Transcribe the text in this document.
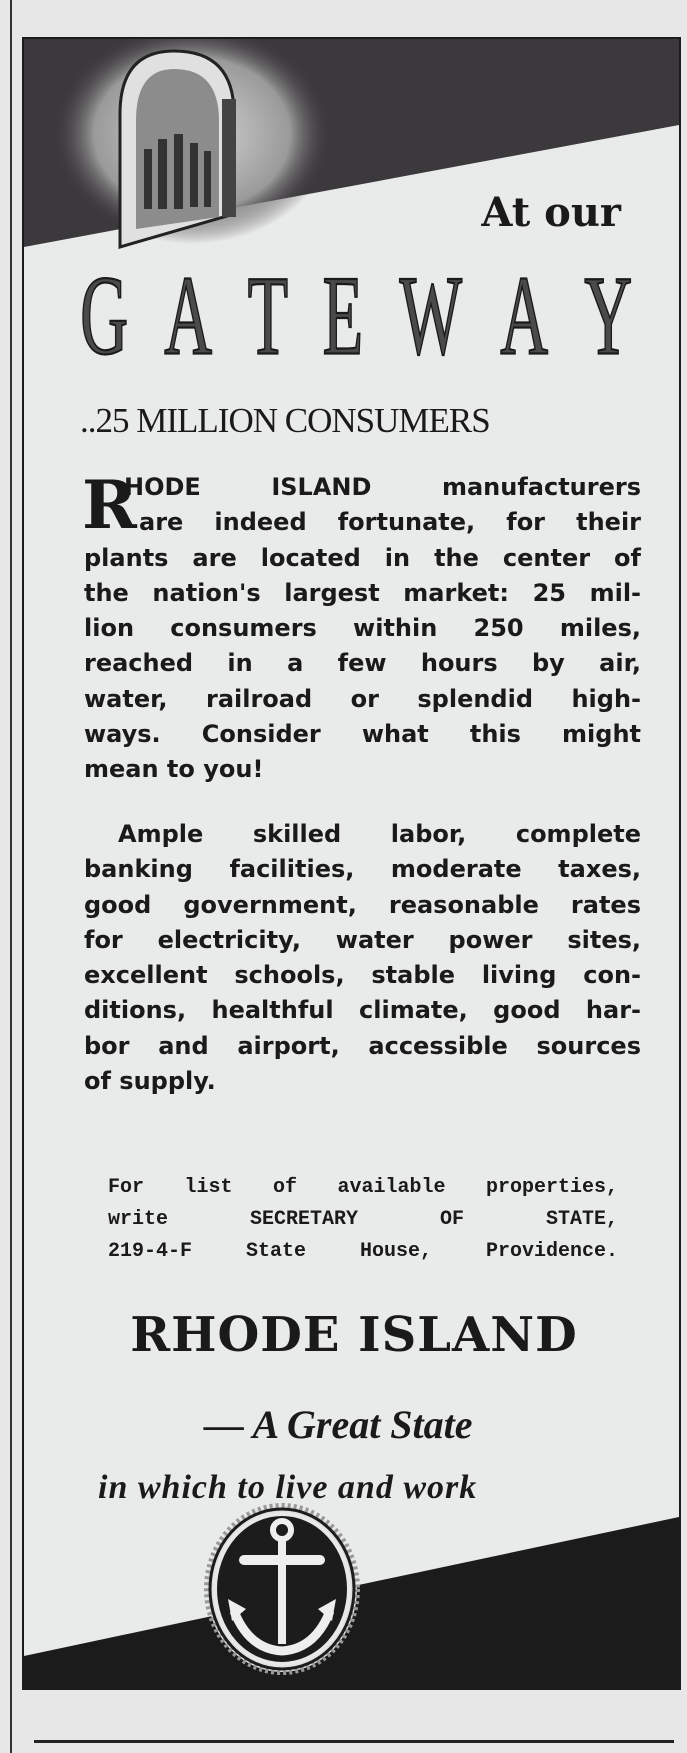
At our
G A T E W A Y
..25 MILLION CONSUMERS
R
HODE ISLAND manufacturers
are indeed fortunate, for their
plants are located in the center of
the nation's largest market: 25 mil-
lion consumers within 250 miles,
reached in a few hours by air,
water, railroad or splendid high-
ways. Consider what this might
mean to you!
Ample skilled labor, complete
banking facilities, moderate taxes,
good government, reasonable rates
for electricity, water power sites,
excellent schools, stable living con-
ditions, healthful climate, good har-
bor and airport, accessible sources
of supply.
For list of available properties,
write SECRETARY OF STATE,
219-4-F State House, Providence.
RHODE ISLAND
— A Great State
in which to live and work
